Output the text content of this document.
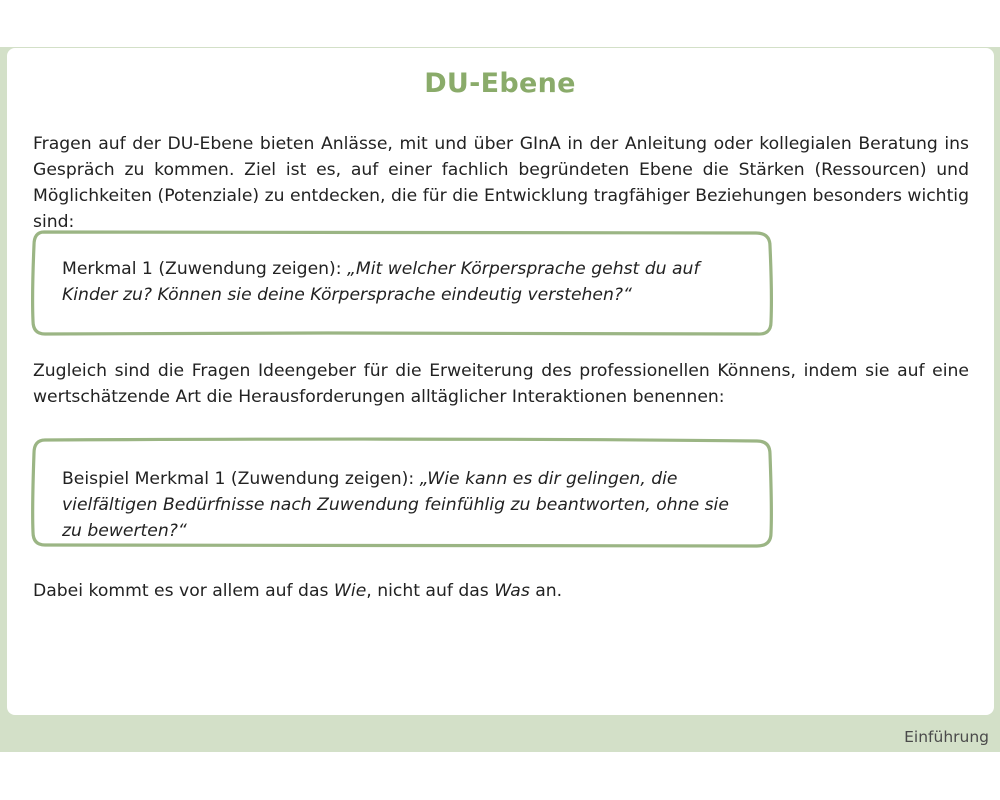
DU-Ebene

Fragen auf der DU-Ebene bieten Anlässe, mit und über GInA in der Anleitung oder kollegialen Beratung ins Gespräch zu kommen. Ziel ist es, auf einer fachlich begründeten Ebene die Stärken (Ressourcen) und Möglichkeiten (Potenziale) zu entdecken, die für die Entwicklung tragfähiger Beziehungen besonders wichtig sind:

Merkmal 1 (Zuwendung zeigen): „Mit welcher Körpersprache gehst du auf Kinder zu? Können sie deine Körpersprache eindeutig verstehen?“

Zugleich sind die Fragen Ideengeber für die Erweiterung des professionellen Könnens, indem sie auf eine wertschätzende Art die Herausforderungen alltäglicher Interaktionen benennen:

Beispiel Merkmal 1 (Zuwendung zeigen): „Wie kann es dir gelingen, die vielfältigen Bedürfnisse nach Zuwendung feinfühlig zu beantworten, ohne sie zu bewerten?“

Dabei kommt es vor allem auf das Wie, nicht auf das Was an.

Einführung
